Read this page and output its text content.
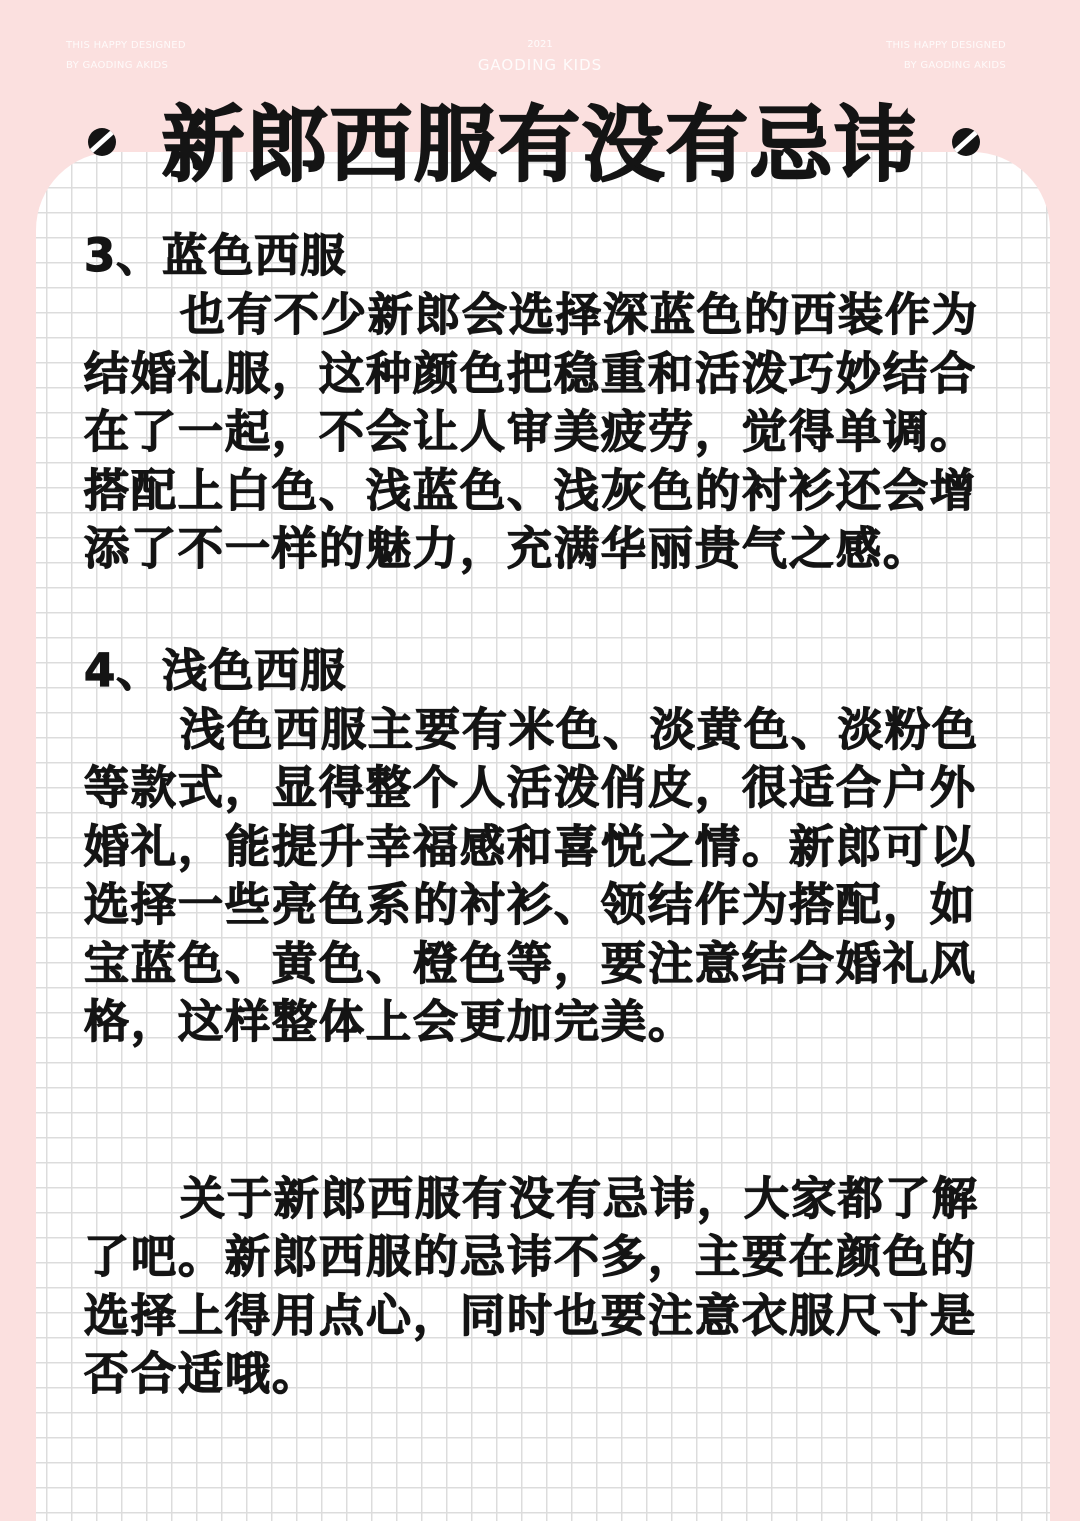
THIS HAPPY DESIGNED
BY GAODING AKIDS
2021
GAODING KIDS
THIS HAPPY DESIGNED
BY GAODING AKIDS
新郎西服有没有忌讳
3、蓝色西服

也有不少新郎会选择深蓝色的西装作为结婚礼服，这种颜色把稳重和活泼巧妙结合在了一起，不会让人审美疲劳，觉得单调。搭配上白色、浅蓝色、浅灰色的衬衫还会增添了不一样的魅力，充满华丽贵气之感。

4、浅色西服

浅色西服主要有米色、淡黄色、淡粉色等款式，显得整个人活泼俏皮，很适合户外婚礼，能提升幸福感和喜悦之情。新郎可以选择一些亮色系的衬衫、领结作为搭配，如宝蓝色、黄色、橙色等，要注意结合婚礼风格，这样整体上会更加完美。

关于新郎西服有没有忌讳，大家都了解了吧。新郎西服的忌讳不多，主要在颜色的选择上得用点心，同时也要注意衣服尺寸是否合适哦。
